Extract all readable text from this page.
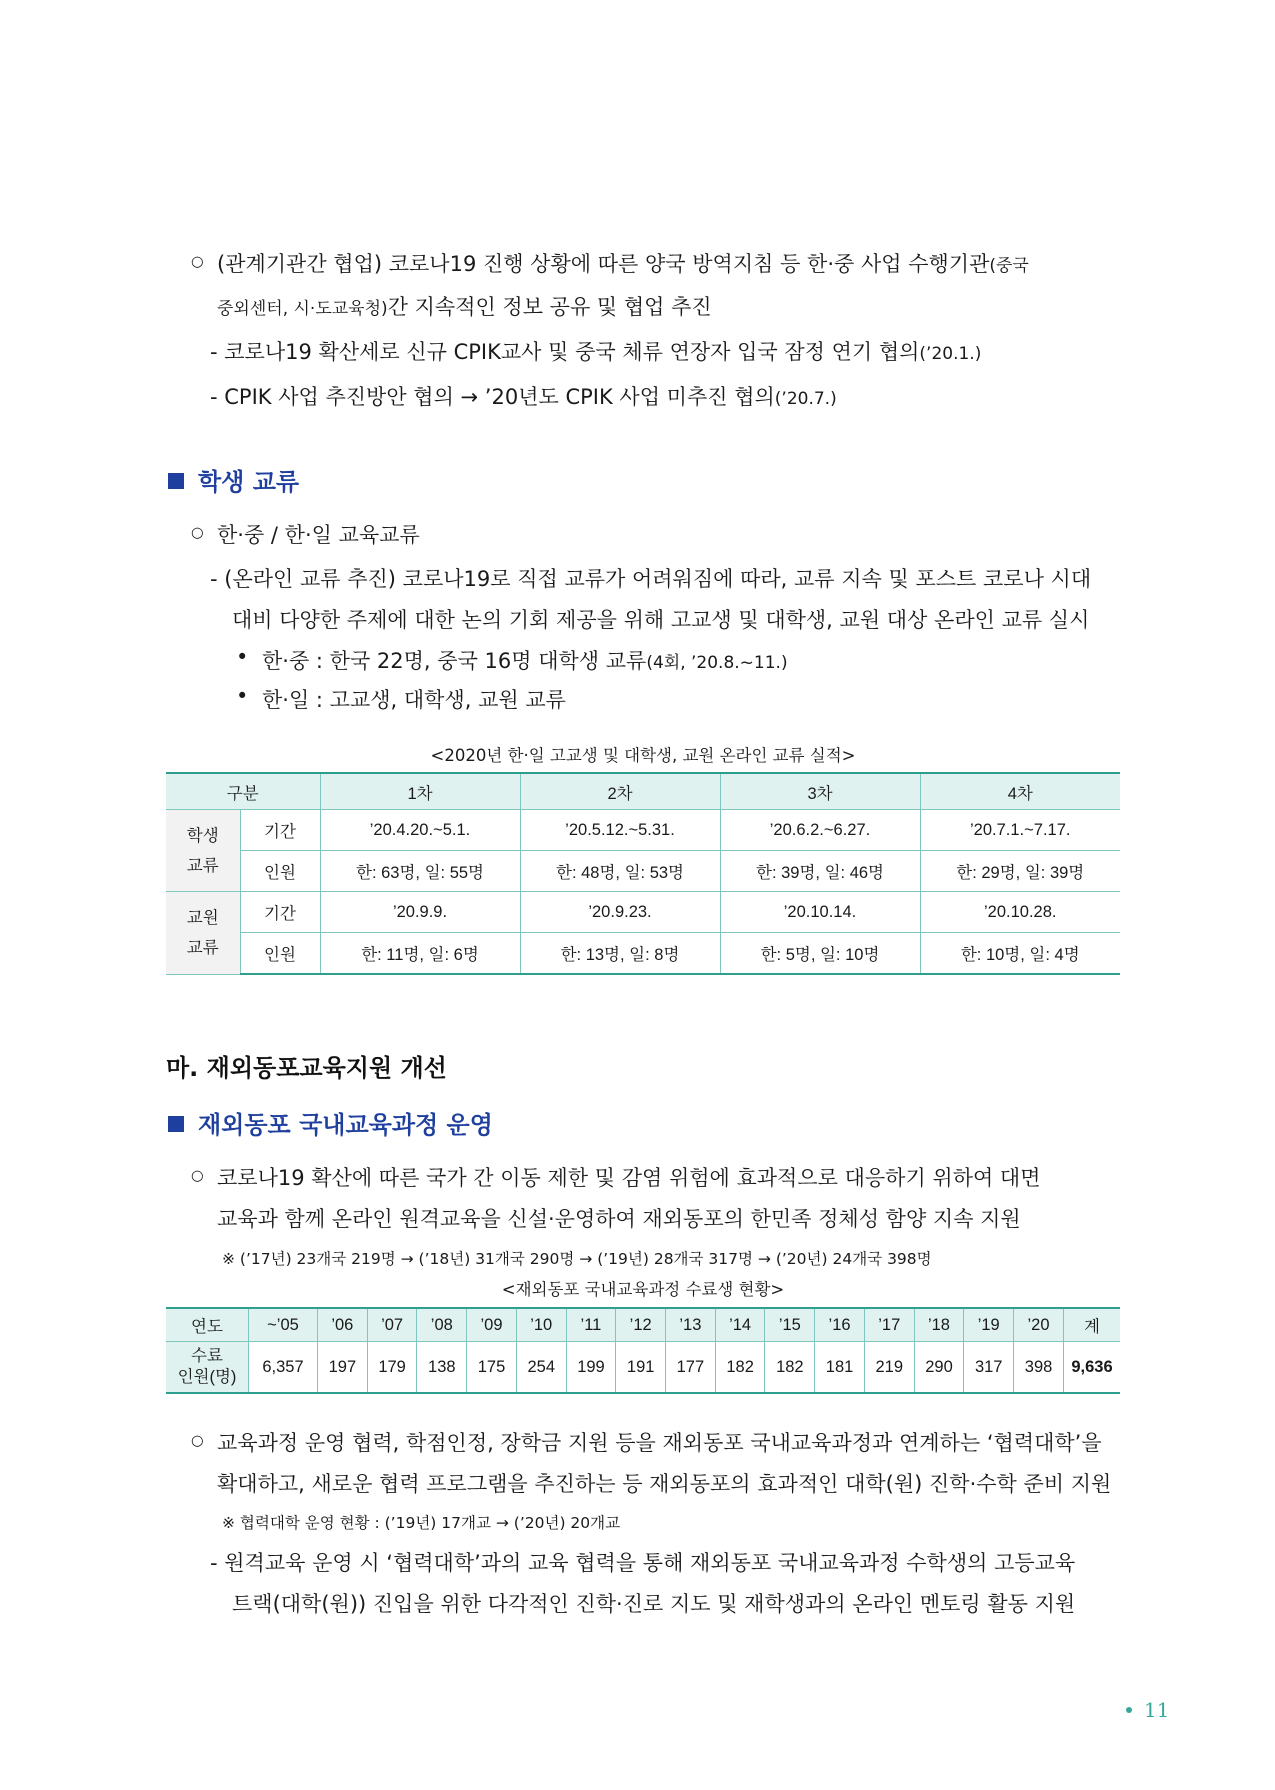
○ (관계기관간 협업) 코로나19 진행 상황에 따른 양국 방역지침 등 한·중 사업 수행기관(중국
중외센터, 시·도교육청)간 지속적인 정보 공유 및 협업 추진
- 코로나19 확산세로 신규 CPIK교사 및 중국 체류 연장자 입국 잠정 연기 협의(’20.1.)
- CPIK 사업 추진방안 협의 → ’20년도 CPIK 사업 미추진 협의(’20.7.)
학생 교류
○ 한·중 / 한·일 교육교류
- (온라인 교류 추진) 코로나19로 직접 교류가 어려워짐에 따라, 교류 지속 및 포스트 코로나 시대
대비 다양한 주제에 대한 논의 기회 제공을 위해 고교생 및 대학생, 교원 대상 온라인 교류 실시
• 한·중 : 한국 22명, 중국 16명 대학생 교류(4회, ’20.8.~11.)
• 한·일 : 고교생, 대학생, 교원 교류
<2020년 한·일 고교생 및 대학생, 교원 온라인 교류 실적>
구분		1차	2차	3차	4차
학생
교류	기간	’20.4.20.~5.1.	’20.5.12.~5.31.	’20.6.2.~6.27.	’20.7.1.~7.17.
	인원	한: 63명, 일: 55명	한: 48명, 일: 53명	한: 39명, 일: 46명	한: 29명, 일: 39명
교원
교류	기간	’20.9.9.	’20.9.23.	’20.10.14.	’20.10.28.
	인원	한: 11명, 일: 6명	한: 13명, 일: 8명	한: 5명, 일: 10명	한: 10명, 일: 4명
마. 재외동포교육지원 개선
재외동포 국내교육과정 운영
○ 코로나19 확산에 따른 국가 간 이동 제한 및 감염 위험에 효과적으로 대응하기 위하여 대면
교육과 함께 온라인 원격교육을 신설·운영하여 재외동포의 한민족 정체성 함양 지속 지원
※ (’17년) 23개국 219명 → (’18년) 31개국 290명 → (’19년) 28개국 317명 → (’20년) 24개국 398명
<재외동포 국내교육과정 수료생 현황>
연도	~’05	’06	’07	’08	’09	’10	’11	’12	’13	’14	’15	’16	’17	’18	’19	’20	계
수료
인원(명)	6,357	197	179	138	175	254	199	191	177	182	182	181	219	290	317	398	9,636
○ 교육과정 운영 협력, 학점인정, 장학금 지원 등을 재외동포 국내교육과정과 연계하는 ‘협력대학’을
확대하고, 새로운 협력 프로그램을 추진하는 등 재외동포의 효과적인 대학(원) 진학·수학 준비 지원
※ 협력대학 운영 현황 : (’19년) 17개교 → (’20년) 20개교
- 원격교육 운영 시 ‘협력대학’과의 교육 협력을 통해 재외동포 국내교육과정 수학생의 고등교육
트랙(대학(원)) 진입을 위한 다각적인 진학·진로 지도 및 재학생과의 온라인 멘토링 활동 지원
11
